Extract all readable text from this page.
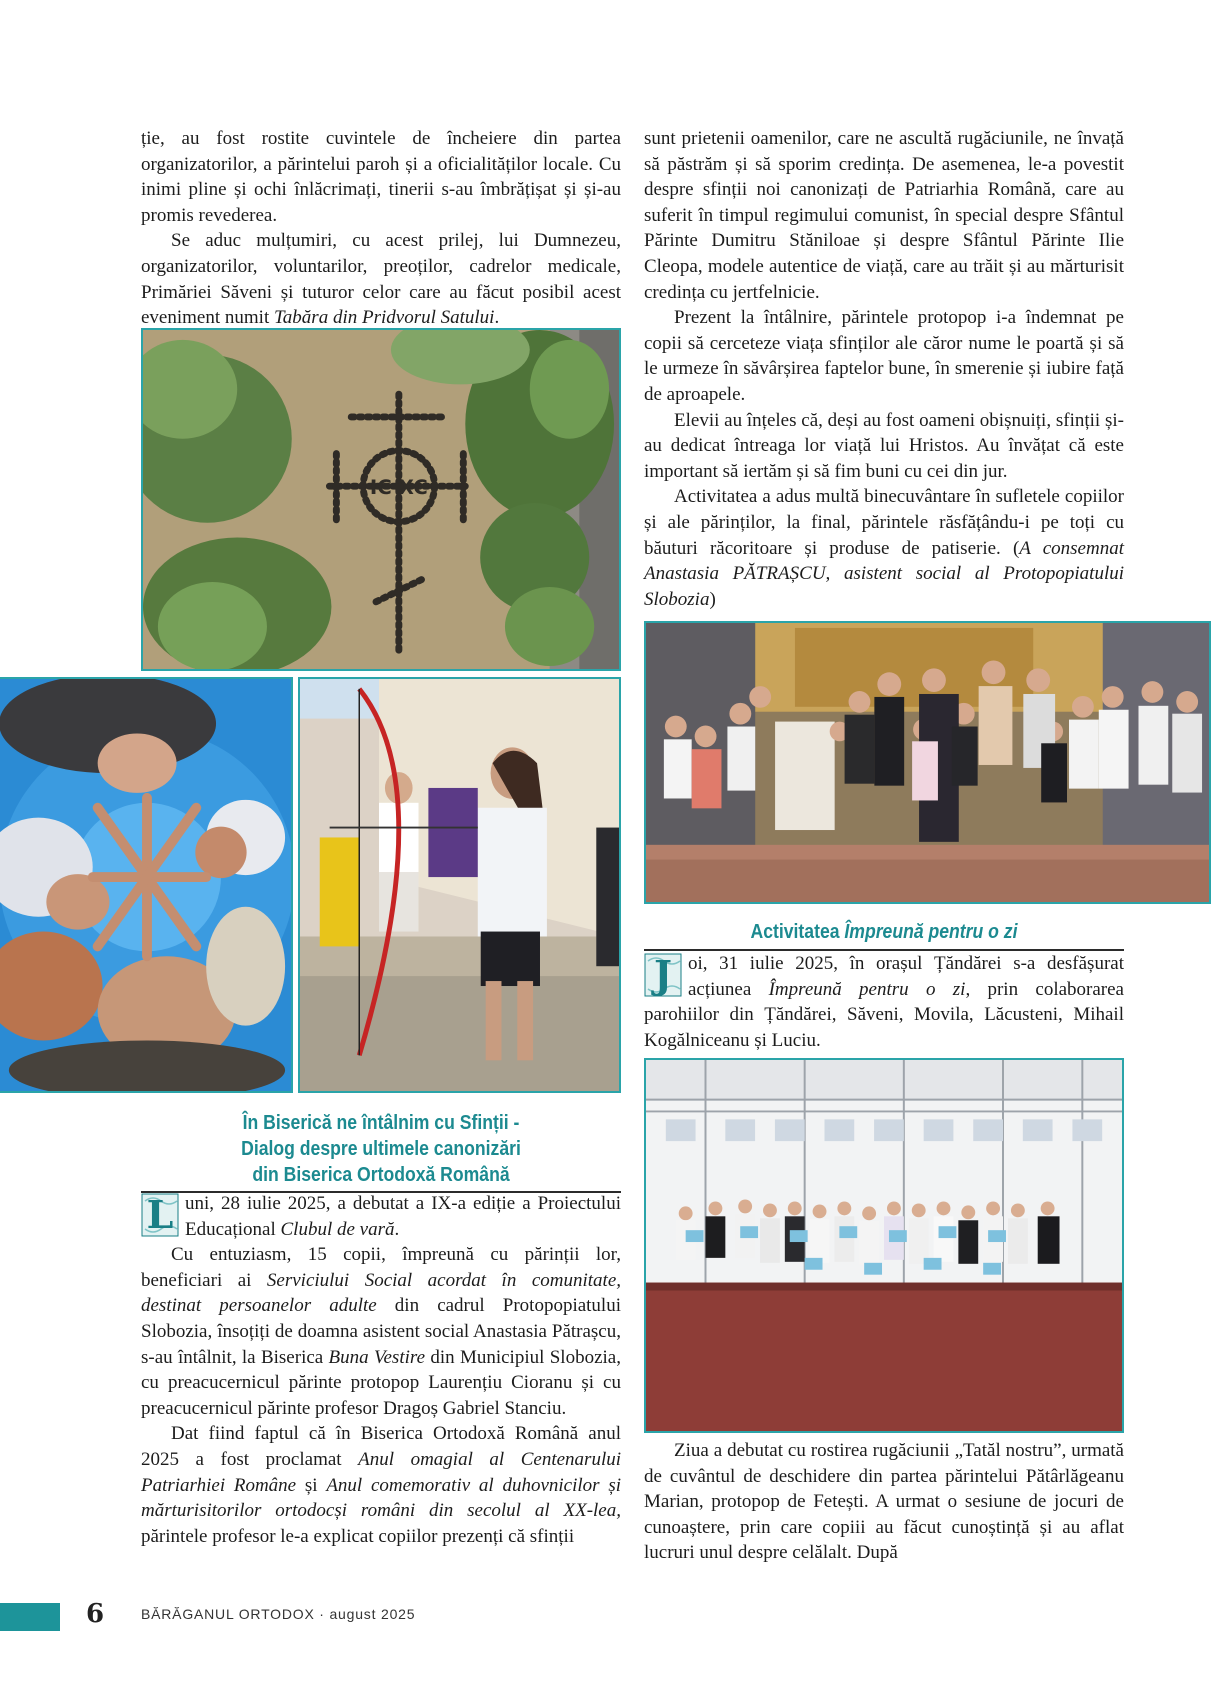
ție, au fost rostite cuvintele de încheiere din partea organizatorilor, a părintelui paroh și a oficialităților locale. Cu inimi pline și ochi înlăcrimați, tinerii s-au îmbrățișat și și-au promis revederea.

Se aduc mulțumiri, cu acest prilej, lui Dumnezeu, organizatorilor, voluntarilor, preoților, cadrelor medicale, Primăriei Săveni și tuturor celor care au făcut posibil acest eveniment numit Tabăra din Pridvorul Satului.

IC XC
În Biserică ne întâlnim cu Sfinții -
Dialog despre ultimele canonizări
din Biserica Ortodoxă Română

L uni, 28 iulie 2025, a debutat a IX-a ediție a Proiectului Educațional Clubul de vară.

Cu entuziasm, 15 copii, împreună cu părinții lor, beneficiari ai Serviciului Social acordat în comunitate, destinat persoanelor adulte din cadrul Protopopiatului Slobozia, însoțiți de doamna asistent social Anastasia Pătrașcu, s-au întâlnit, la Biserica Buna Vestire din Municipiul Slobozia, cu preacucernicul părinte protopop Laurențiu Cioranu și cu preacucernicul părinte profesor Dragoș Gabriel Stanciu.

Dat fiind faptul că în Biserica Ortodoxă Română anul 2025 a fost proclamat Anul omagial al Centenarului Patriarhiei Române și Anul comemorativ al duhovnicilor și mărturisitorilor ortodocși români din secolul al XX-lea, părintele profesor le-a explicat copiilor prezenți că sfinții

sunt prietenii oamenilor, care ne ascultă rugăciunile, ne învață să păstrăm și să sporim credința. De asemenea, le-a povestit despre sfinții noi canonizați de Patriarhia Română, care au suferit în timpul regimului comunist, în special despre Sfântul Părinte Dumitru Stăniloae și despre Sfântul Părinte Ilie Cleopa, modele autentice de viață, care au trăit și au mărturisit credința cu jertfelnicie.

Prezent la întâlnire, părintele protopop i-a îndemnat pe copii să cerceteze viața sfinților ale căror nume le poartă și să le urmeze în săvârșirea faptelor bune, în smerenie și iubire față de aproapele.

Elevii au înțeles că, deși au fost oameni obișnuiți, sfinții și-au dedicat întreaga lor viață lui Hristos. Au învățat că este important să iertăm și să fim buni cu cei din jur.

Activitatea a adus multă binecuvântare în sufletele copiilor și ale părinților, la final, părintele răsfățându-i pe toți cu băuturi răcoritoare și produse de patiserie. (A consemnat Anastasia PĂTRAȘCU, asistent social al Protopopiatului Slobozia)

Activitatea Împreună pentru o zi

J oi, 31 iulie 2025, în orașul Țăndărei s-a desfășurat acțiunea Împreună pentru o zi, prin colaborarea parohiilor din Țăndărei, Săveni, Movila, Lăcusteni, Mihail Kogălniceanu și Luciu.

Ziua a debutat cu rostirea rugăciunii „Tatăl nostru”, urmată de cuvântul de deschidere din partea părintelui Pătârlăgeanu Marian, protopop de Fetești. A urmat o sesiune de jocuri de cunoaștere, prin care copiii au făcut cunoștință și au aflat lucruri unul despre celălalt. După

6	BĂRĂGANUL ORTODOX · august 2025
